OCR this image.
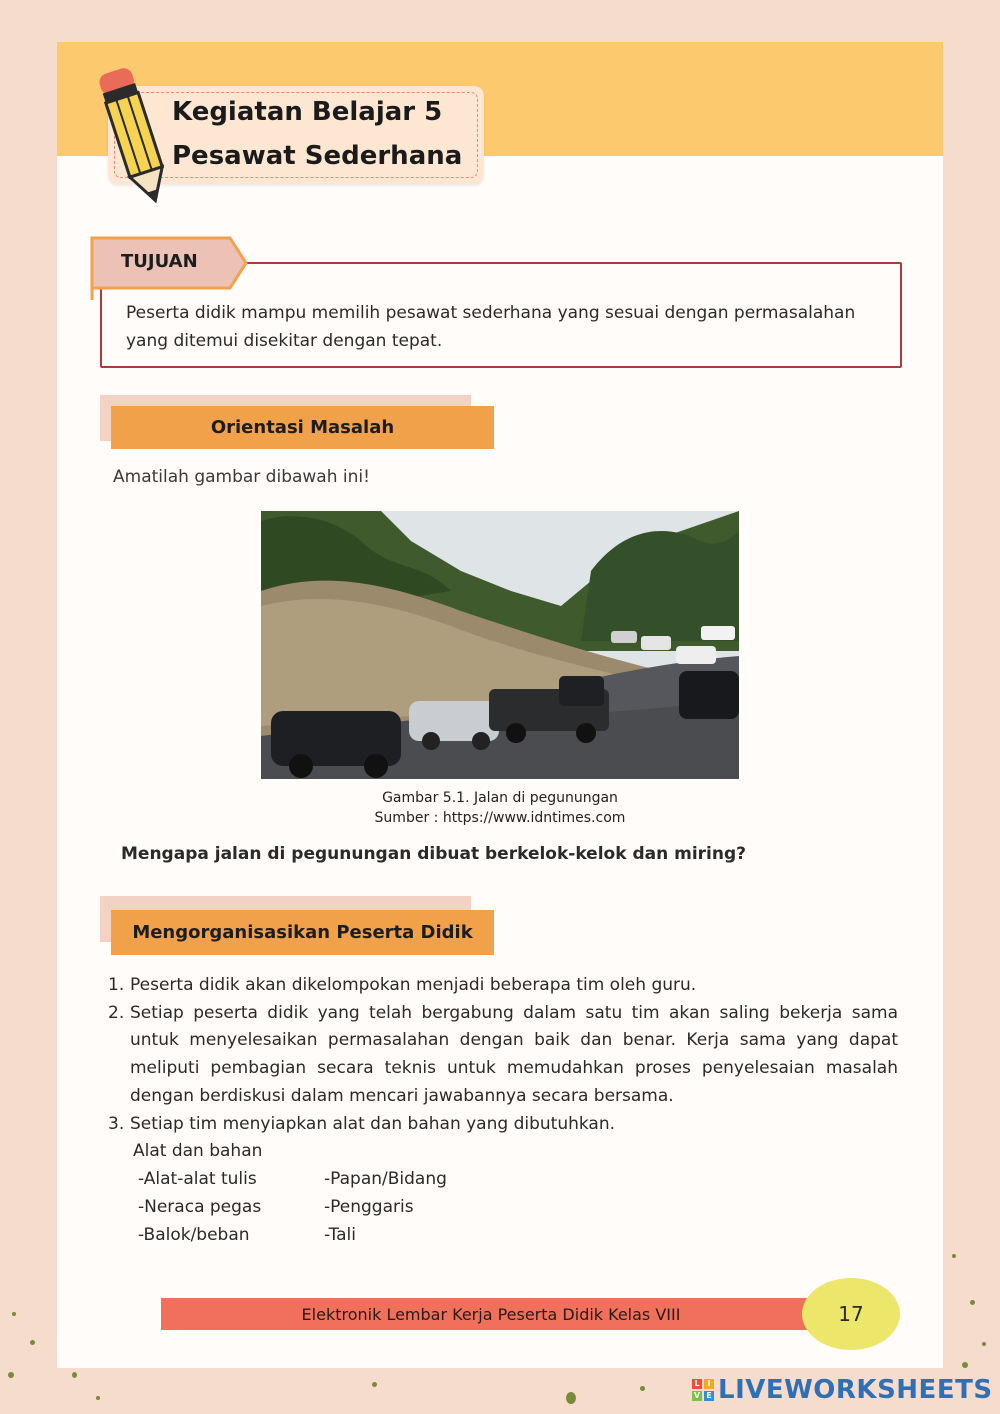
Kegiatan Belajar 5
Pesawat Sederhana
TUJUAN
Peserta didik mampu memilih pesawat sederhana yang sesuai dengan permasalahan yang ditemui disekitar dengan tepat.
Orientasi Masalah
Amatilah gambar dibawah ini!
Gambar 5.1. Jalan di pegunungan
Sumber : https://www.idntimes.com
Mengapa jalan di pegunungan dibuat berkelok-kelok dan miring?
Mengorganisasikan Peserta Didik
1. Peserta didik akan dikelompokan menjadi beberapa tim oleh guru.
2. Setiap peserta didik yang telah bergabung dalam satu tim akan saling bekerja sama untuk menyelesaikan permasalahan dengan baik dan benar. Kerja sama yang dapat meliputi pembagian secara teknis untuk memudahkan proses penyelesaian masalah dengan berdiskusi dalam mencari jawabannya secara bersama.
3. Setiap tim menyiapkan alat dan bahan yang dibutuhkan.
Alat dan bahan
-Alat-alat tulis	-Papan/Bidang
-Neraca pegas	-Penggaris
-Balok/beban	-Tali
Elektronik Lembar Kerja Peserta Didik Kelas VIII	17
L I
V E LIVEWORKSHEETS
